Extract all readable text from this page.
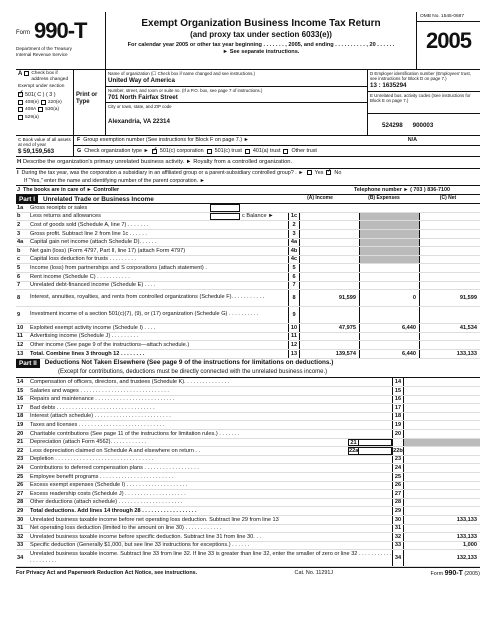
Form 990-T
Department of the Treasury
Internal Revenue Service
Exempt Organization Business Income Tax Return
(and proxy tax under section 6033(e))
For calendar year 2005 or other tax year beginning . . . . . . . , 2005, and ending . . . . . . . . . . , 20 . . . . . .
► See separate instructions.
OMB No. 1545-0687
2005
A Check box if address changed
Exempt under section
✓
501( C ) ( 3 )
408(e) 220(e)
408A 530(a)
529(a)
Print or Type
Name of organization (☐ Check box if name changed and see instructions.)
United Way of America
Number, street, and room or suite no. (If a P.O. box, see page 7 of instructions.)
701 North Fairfax Street
City or town, state, and ZIP code
Alexandria, VA 22314
D Employer identification number (Employees' trust, see instructions for Block D on page 7.)
13 : 1635294
E Unrelated bus. activity codes (See instructions for Block E on page 7.)
524298 900003
C Book value of all assets at end of year
$ 59,159,563
F Group exemption number (See instructions for Block F on page 7.) ►	N/A
G Check organization type ► ✓ 501(c) corporation 501(c) trust 401(a) trust Other trust
H Describe the organization's primary unrelated business activity. ► Royalty from a controlled organization.
I During the tax year, was the corporation a subsidiary in an affiliated group or a parent-subsidiary controlled group? . ► Yes ✓ No
If "Yes," enter the name and identifying number of the parent corporation. ►
J The books are in care of ► Controller	Telephone number ► ( 703 ) 836-7100
Part I	Unrelated Trade or Business Income	(A) Income	(B) Expenses	(C) Net
1a	Gross receipts or sales
b	Less returns and allowances	c Balance ►	1c
2	Cost of goods sold (Schedule A, line 7) . . . . . . .	2
3	Gross profit. Subtract line 2 from line 1c . . . . . .	3
4a	Capital gain net income (attach Schedule D). . . . . .	4a
b	Net gain (loss) (Form 4797, Part II, line 17) (attach Form 4797)	4b
c	Capital loss deduction for trusts . . . . . . . . .	4c
5	Income (loss) from partnerships and S corporations (attach statement) .	5
6	Rent income (Schedule C) . . . . . . . . . . .	6
7	Unrelated debt-financed income (Schedule E) . . . .	7
8	Interest, annuities, royalties, and rents from controlled organizations (Schedule F). . . . . . . . . . .	8	91,599	0	91,599
9	Investment income of a section 501(c)(7), (9), or (17) organization (Schedule G) . . . . . . . . . .	9
10	Exploited exempt activity income (Schedule I) . . . .	10	47,975	6,440	41,534
11	Advertising income (Schedule J) . . . . . . . . .	11
12	Other income (See page 9 of the instructions—attach schedule.)	12
13	Total. Combine lines 3 through 12 . . . . . . . .	13	139,574	6,440	133,133
Part II	Deductions Not Taken Elsewhere (See page 9 of the instructions for limitations on deductions.)
(Except for contributions, deductions must be directly connected with the unrelated business income.)
14	Compensation of officers, directors, and trustees (Schedule K). . . . . . . . . . . . . . .	14
15	Salaries and wages . . . . . . . . . . . . . . . . . . . . . . . . . . . . .	15
16	Repairs and maintenance . . . . . . . . . . . . . . . . . . . . . . . . . .	16
17	Bad debts . . . . . . . . . . . . . . . . . . . . . . . . . . . . . . . .	17
18	Interest (attach schedule) . . . . . . . . . . . . . . . . . . . . . . . . .	18
19	Taxes and licenses . . . . . . . . . . . . . . . . . . . . . . . . . . . .	19
20	Charitable contributions (See page 11 of the instructions for limitation rules.) . . . . . . .	20
21	Depreciation (attach Form 4562). . . . . . . . . . . .	21
22	Less depreciation claimed on Schedule A and elsewhere on return . .	22a	22b
23	Depletion . . . . . . . . . . . . . . . . . . . . . . . . . . . . . . . .	23
24	Contributions to deferred compensation plans . . . . . . . . . . . . . . . . . .	24
25	Employee benefit programs . . . . . . . . . . . . . . . . . . . . . . . .	25
26	Excess exempt expenses (Schedule I) . . . . . . . . . . . . . . . . . . . .	26
27	Excess readership costs (Schedule J) . . . . . . . . . . . . . . . . . . . .	27
28	Other deductions (attach schedule) . . . . . . . . . . . . . . . . . . . . .	28
29	Total deductions. Add lines 14 through 28 . . . . . . . . . . . . . . . . . .	29
30	Unrelated business taxable income before net operating loss deduction. Subtract line 29 from line 13	30	133,133
31	Net operating loss deduction (limited to the amount on line 30) . . . . . . . . . . . .	31
32	Unrelated business taxable income before specific deduction. Subtract line 31 from line 30. . .	32	133,133
33	Specific deduction (Generally $1,000, but see line 33 instructions for exceptions.) . . . . . .	33	1,000
34
Unrelated business taxable income. Subtract line 33 from line 32. If line 33 is greater than line 32, enter the smaller of zero or line 32 . . . . . . . . . . . . . . . . . . . .
34	132,133
For Privacy Act and Paperwork Reduction Act Notice, see instructions.	Cat. No. 11291J	Form 990-T (2005)
